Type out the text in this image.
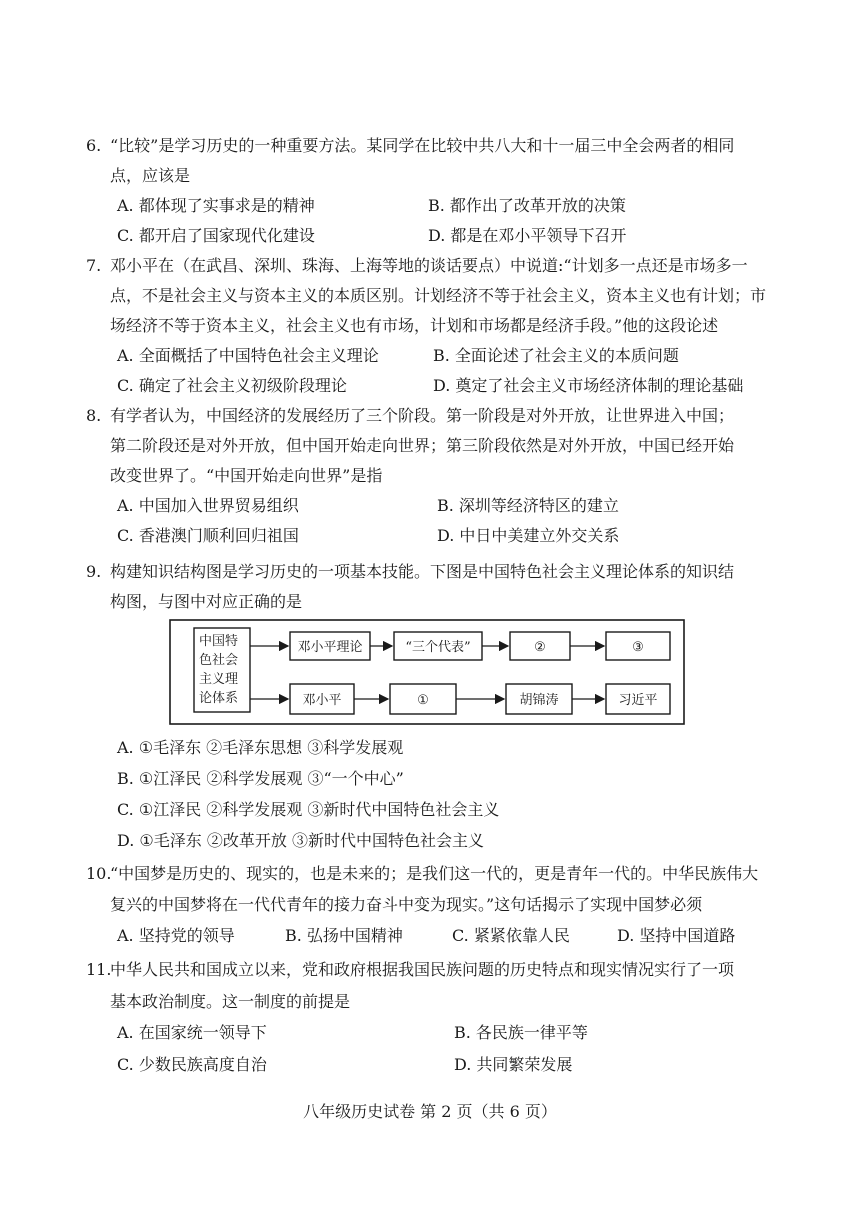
6. “比较”是学习历史的一种重要方法。某同学在比较中共八大和十一届三中全会两者的相同
点，应该是
A. 都体现了实事求是的精神	B. 都作出了改革开放的决策
C. 都开启了国家现代化建设	D. 都是在邓小平领导下召开
7. 邓小平在（在武昌、深圳、珠海、上海等地的谈话要点）中说道:“计划多一点还是市场多一
点，不是社会主义与资本主义的本质区别。计划经济不等于社会主义，资本主义也有计划；市
场经济不等于资本主义，社会主义也有市场，计划和市场都是经济手段。”他的这段论述
A. 全面概括了中国特色社会主义理论	B. 全面论述了社会主义的本质问题
C. 确定了社会主义初级阶段理论	D. 奠定了社会主义市场经济体制的理论基础
8. 有学者认为，中国经济的发展经历了三个阶段。第一阶段是对外开放，让世界进入中国；
第二阶段还是对外开放，但中国开始走向世界；第三阶段依然是对外开放，中国已经开始
改变世界了。“中国开始走向世界”是指
A. 中国加入世界贸易组织	B. 深圳等经济特区的建立
C. 香港澳门顺利回归祖国	D. 中日中美建立外交关系
9. 构建知识结构图是学习历史的一项基本技能。下图是中国特色社会主义理论体系的知识结
构图，与图中对应正确的是
中国特
色社会
主义理
论体系
邓小平理论	“三个代表”	②	③
邓小平	①	胡锦涛	习近平
A. ①毛泽东 ②毛泽东思想 ③科学发展观
B. ①江泽民 ②科学发展观 ③“一个中心”
C. ①江泽民 ②科学发展观 ③新时代中国特色社会主义
D. ①毛泽东 ②改革开放 ③新时代中国特色社会主义
10.
“中国梦是历史的、现实的，也是未来的；是我们这一代的，更是青年一代的。中华民族伟大
复兴的中国梦将在一代代青年的接力奋斗中变为现实。”这句话揭示了实现中国梦必须
A. 坚持党的领导	B. 弘扬中国精神	C. 紧紧依靠人民	D. 坚持中国道路
11.
中华人民共和国成立以来，党和政府根据我国民族问题的历史特点和现实情况实行了一项
基本政治制度。这一制度的前提是
A. 在国家统一领导下	B. 各民族一律平等
C. 少数民族高度自治	D. 共同繁荣发展
八年级历史试卷 第 2 页（共 6 页）
